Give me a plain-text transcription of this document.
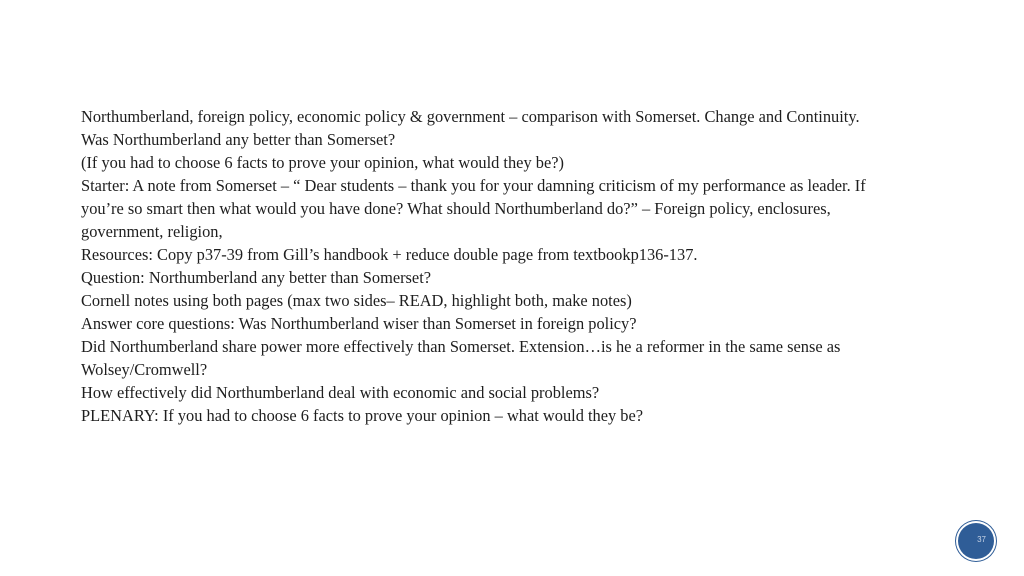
Northumberland, foreign policy, economic policy & government – comparison with Somerset. Change and Continuity.

Was Northumberland any better than Somerset?

(If you had to choose 6 facts to prove your opinion, what would they be?)

Starter: A note from Somerset – “ Dear students – thank you for your damning criticism of my performance as leader. If you’re so smart then what would you have done? What should Northumberland do?” – Foreign policy, enclosures, government, religion,

Resources: Copy p37-39 from Gill’s handbook + reduce double page from textbookp136-137.

Question: Northumberland any better than Somerset?

Cornell notes using both pages (max two sides– READ, highlight both, make notes)

Answer core questions: Was Northumberland wiser than Somerset in foreign policy?

Did Northumberland share power more effectively than Somerset. Extension…is he a reformer in the same sense as Wolsey/Cromwell?

How effectively did Northumberland deal with economic and social problems?

PLENARY: If you had to choose 6 facts to prove your opinion – what would they be?

37
